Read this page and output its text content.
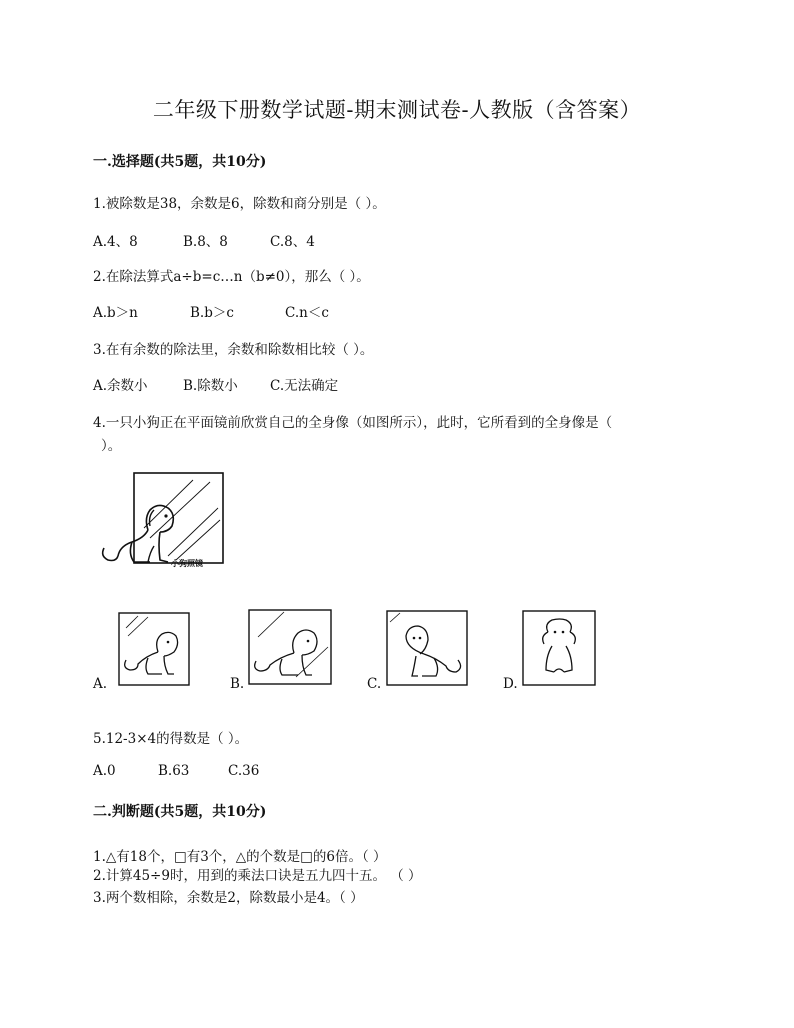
二年级下册数学试题-期末测试卷-人教版（含答案）
一.选择题(共5题，共10分)
1.被除数是38，余数是6，除数和商分别是（ ）。
A.4、8	B.8、8	C.8、4
2.在除法算式a÷b=c…n（b≠0），那么（ ）。
A.b＞n	B.b＞c	C.n＜c
3.在有余数的除法里，余数和除数相比较（ ）。
A.余数小	B.除数小 C.无法确定
4.一只小狗正在平面镜前欣赏自己的全身像（如图所示），此时，它所看到的全身像是（
）。
小狗照镜
A.	B.	C.	D.
5.12-3×4的得数是（ ）。
A.0	B.63	C.36
二.判断题(共5题，共10分)
1.△有18个，□有3个，△的个数是□的6倍。（ ）
2.计算45÷9时，用到的乘法口诀是五九四十五。 （ ）
3.两个数相除，余数是2，除数最小是4。（ ）
